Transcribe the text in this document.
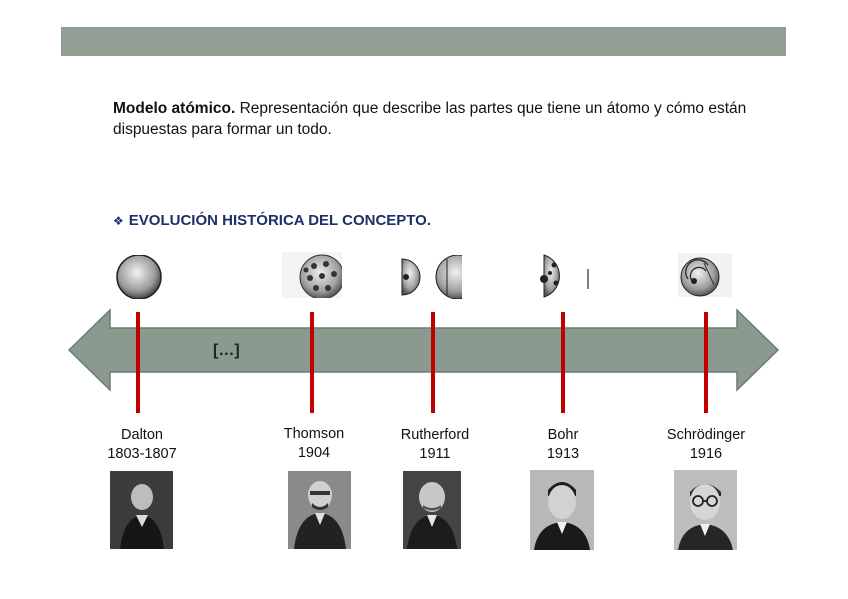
Modelo atómico. Representación que describe las partes que tiene un átomo y cómo están dispuestas para formar un todo.
❖ EVOLUCIÓN HISTÓRICA DEL CONCEPTO.
[…]
Dalton
1803-1807
Thomson
1904
Rutherford
1911
Bohr
1913
Schrödinger
1916
